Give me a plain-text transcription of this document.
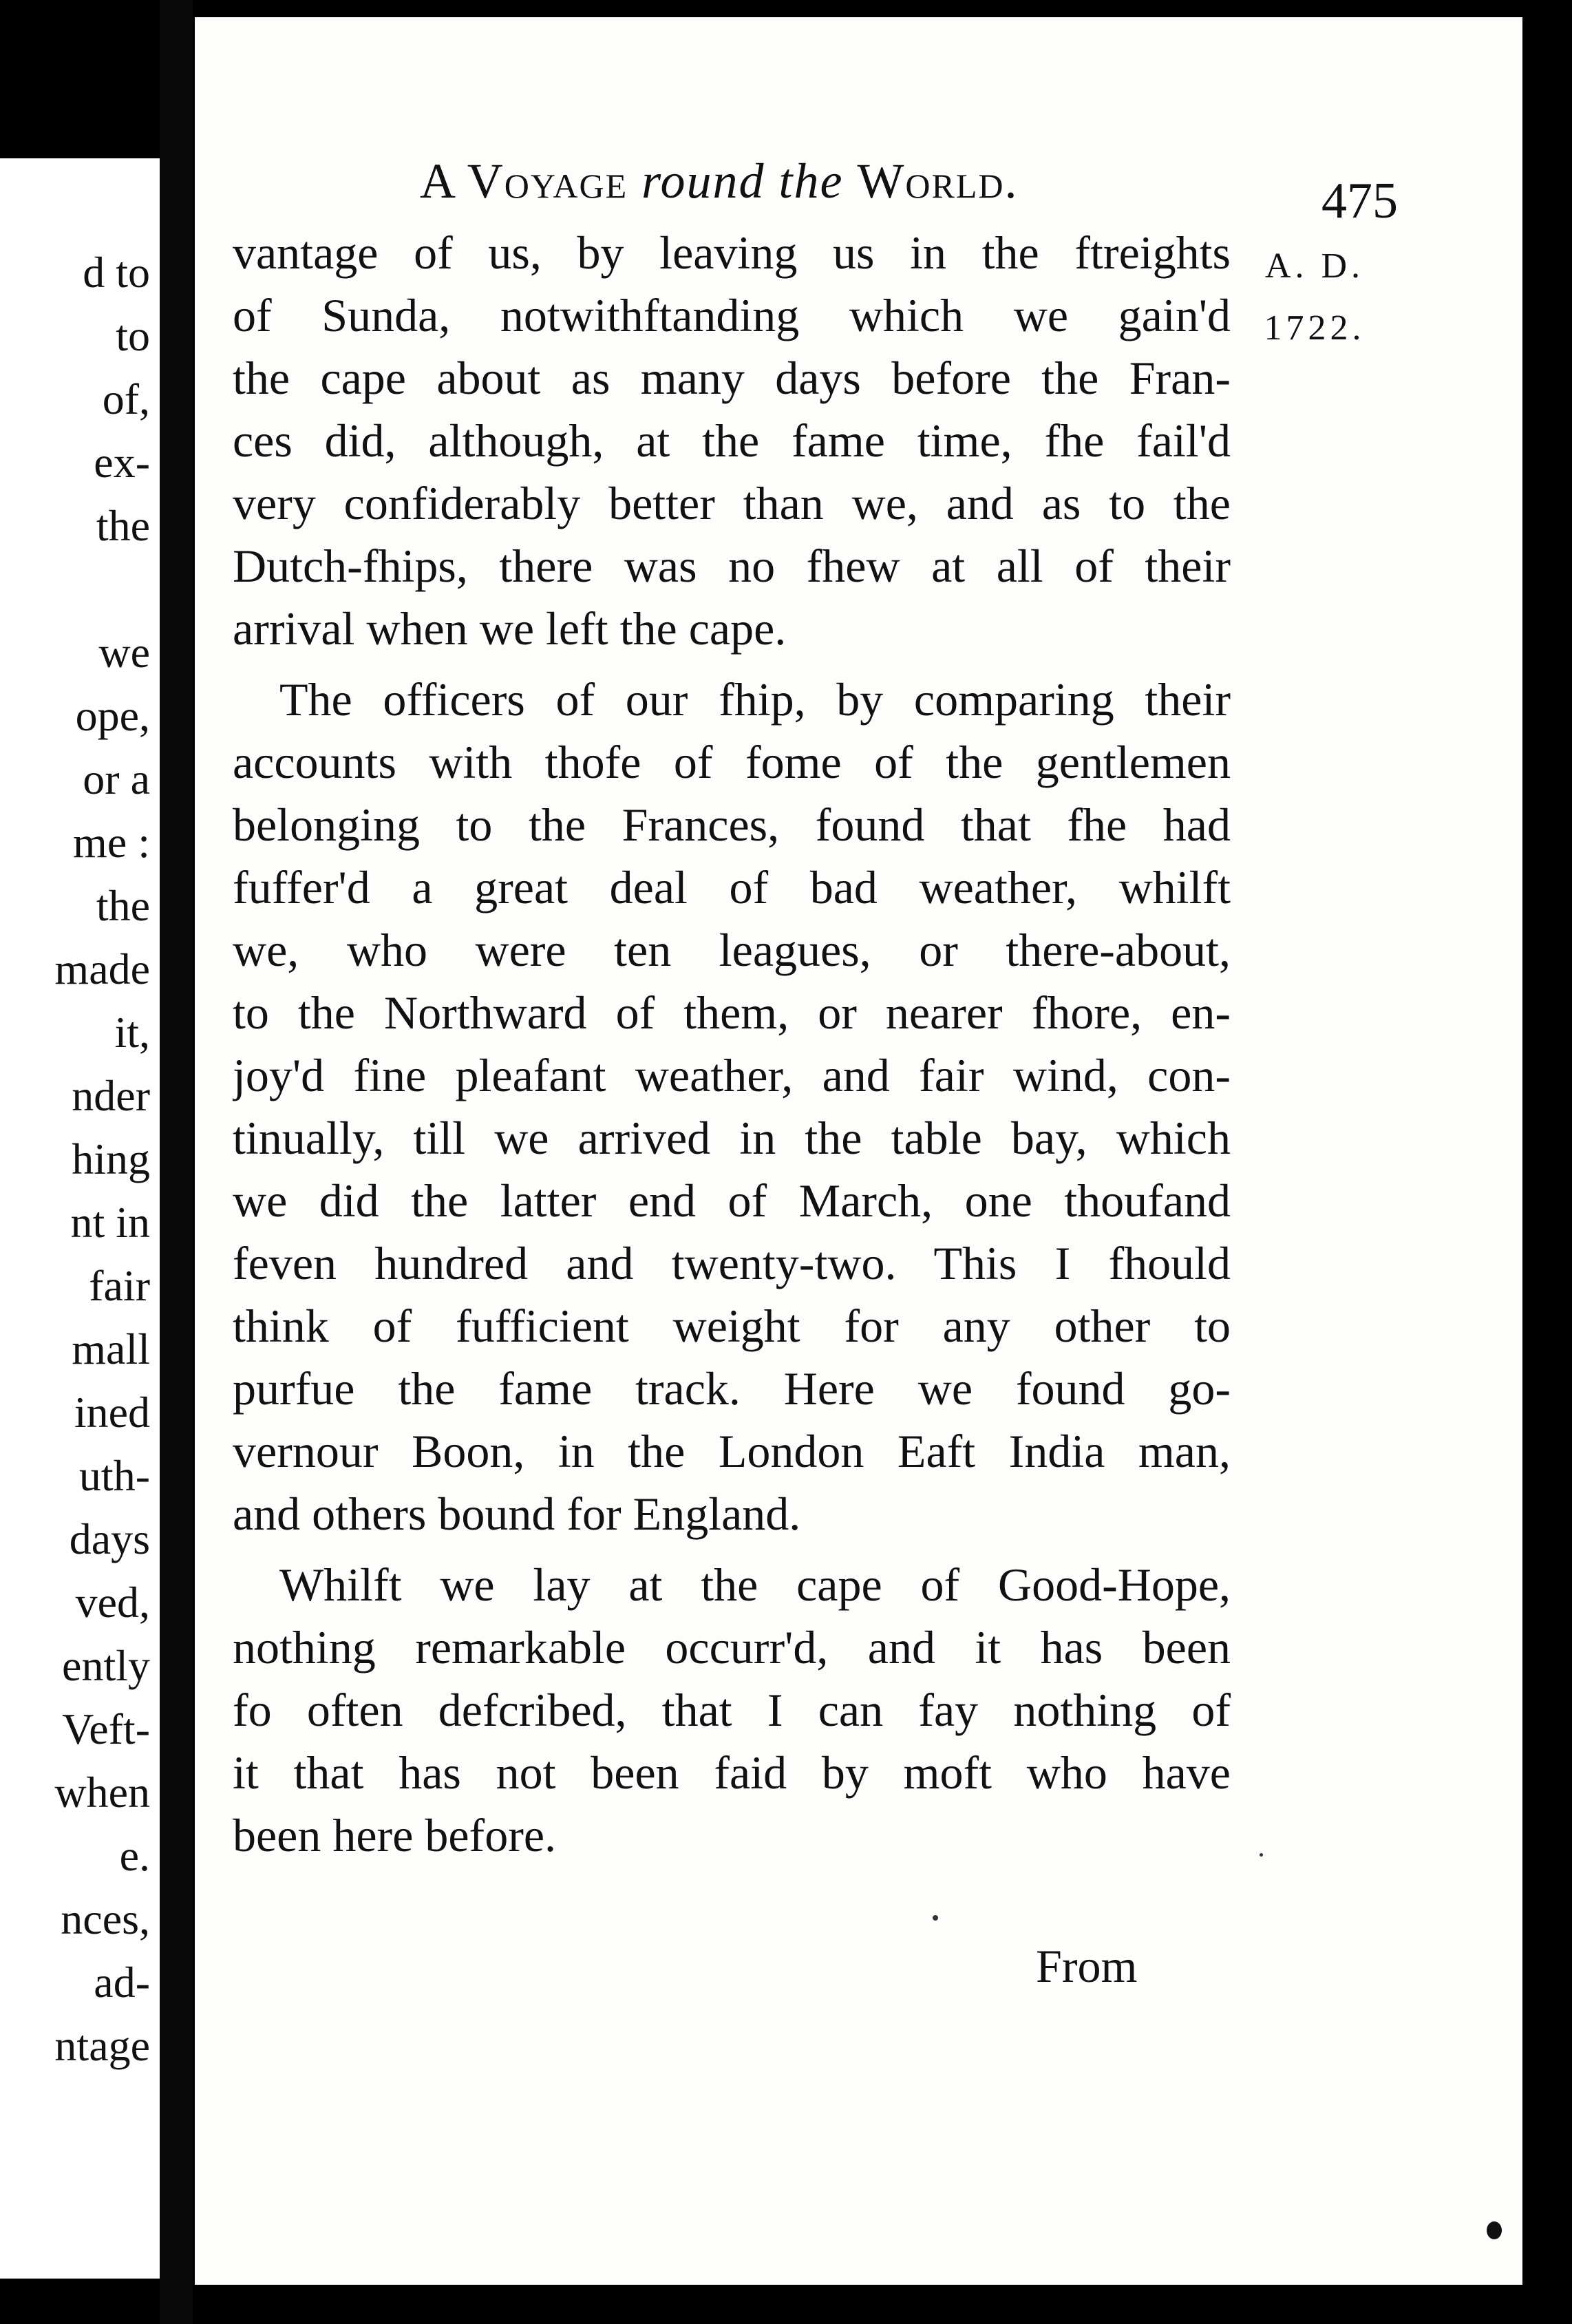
d to
to
of,
ex-
the
we
ope,
or a
me :
the
made
it,
nder
hing
nt in
fair
mall
ined
uth-
days
ved,
ently
Veft-
when
e.
nces,
ad-
ntage
A Voyage round the World.	475
A. D.
1722.
vantage of us, by leaving us in the ftreights
of Sunda, notwithftanding which we gain'd
the cape about as many days before the Fran-
ces did, although, at the fame time, fhe fail'd
very confiderably better than we, and as to the
Dutch-fhips, there was no fhew at all of their
arrival when we left the cape.
The officers of our fhip, by comparing their
accounts with thofe of fome of the gentlemen
belonging to the Frances, found that fhe had
fuffer'd a great deal of bad weather, whilft
we, who were ten leagues, or there-about,
to the Northward of them, or nearer fhore, en-
joy'd fine pleafant weather, and fair wind, con-
tinually, till we arrived in the table bay, which
we did the latter end of March, one thoufand
feven hundred and twenty-two. This I fhould
think of fufficient weight for any other to
purfue the fame track. Here we found go-
vernour Boon, in the London Eaft India man,
and others bound for England.
Whilft we lay at the cape of Good-Hope,
nothing remarkable occurr'd, and it has been
fo often defcribed, that I can fay nothing of
it that has not been faid by moft who have
been here before.
From
